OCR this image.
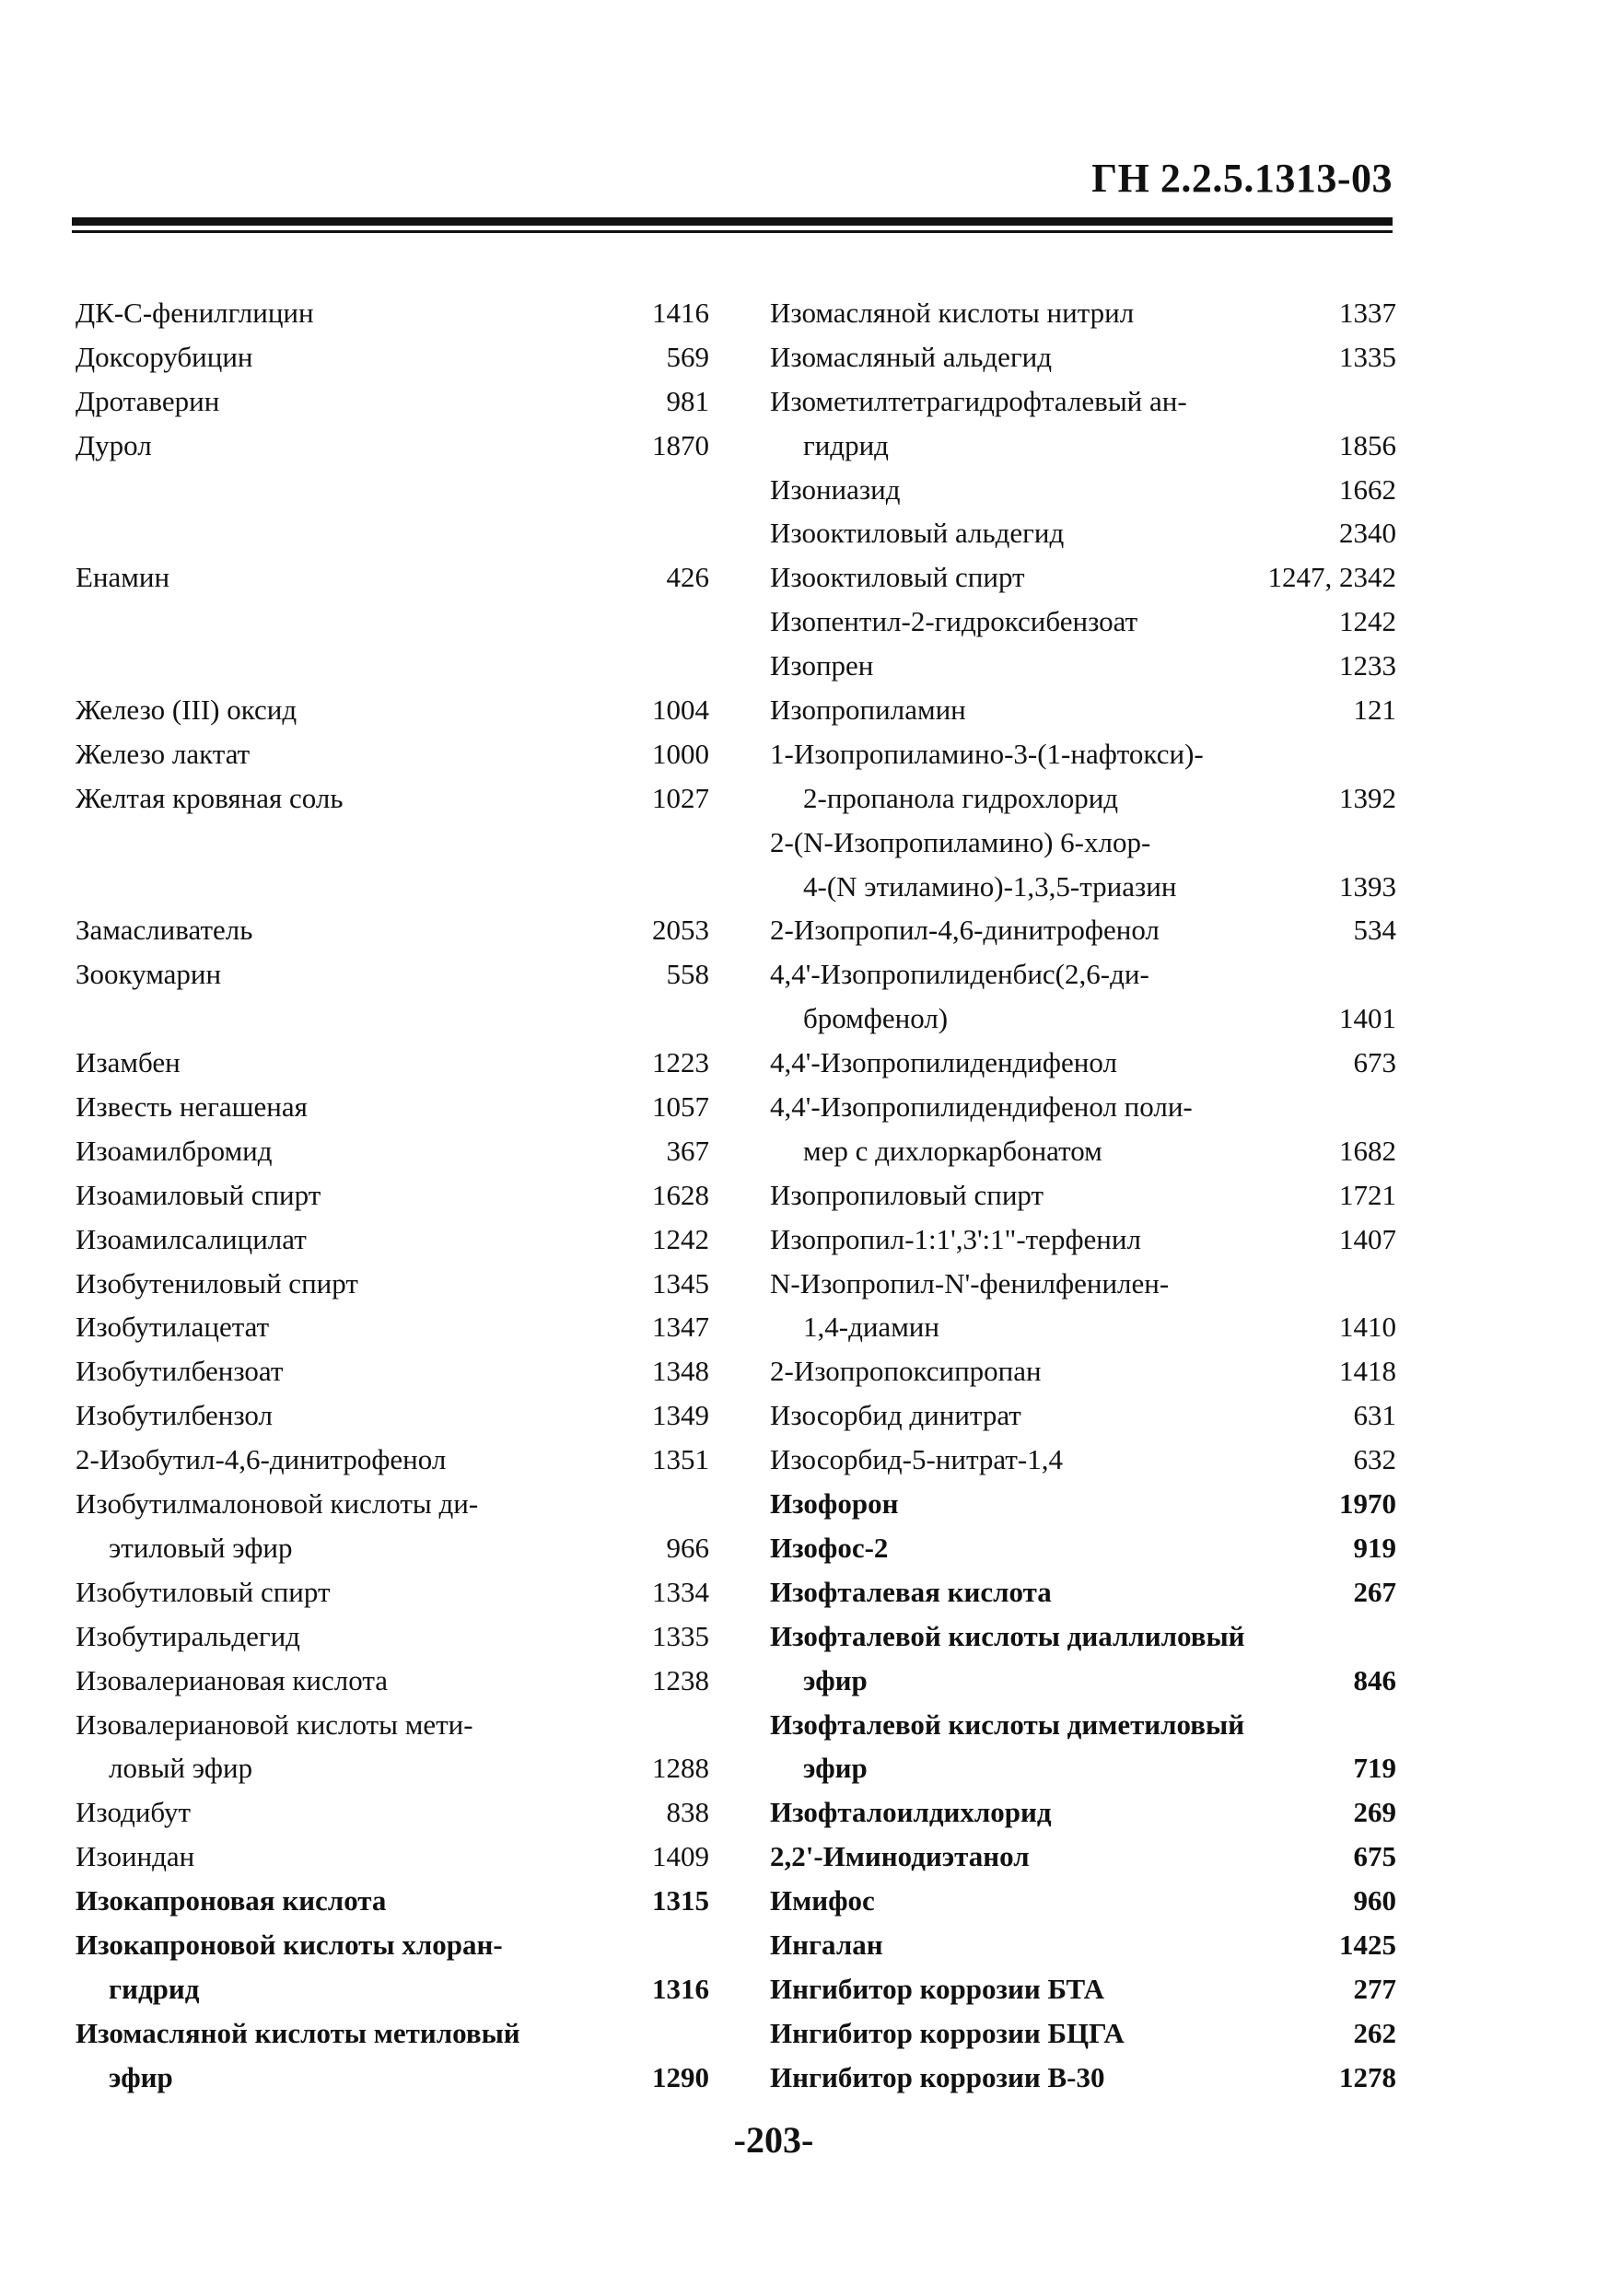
ГН 2.2.5.1313-03
ДК-С-фенилглицин	1416
Доксорубицин	569
Дротаверин	981
Дурол	1870
Енамин	426
Железо (III) оксид	1004
Железо лактат	1000
Желтая кровяная соль	1027
Замасливатель	2053
Зоокумарин	558
Изамбен	1223
Известь негашеная	1057
Изоамилбромид	367
Изоамиловый спирт	1628
Изоамилсалицилат	1242
Изобутениловый спирт	1345
Изобутилацетат	1347
Изобутилбензоат	1348
Изобутилбензол	1349
2-Изобутил-4,6-динитрофенол	1351
Изобутилмалоновой кислоты ди-
этиловый эфир	966
Изобутиловый спирт	1334
Изобутиральдегид	1335
Изовалериановая кислота	1238
Изовалериановой кислоты мети-
ловый эфир	1288
Изодибут	838
Изоиндан	1409
Изокапроновая кислота	1315
Изокапроновой кислоты хлоран-
гидрид	1316
Изомасляной кислоты метиловый
эфир	1290
Изомасляной кислоты нитрил	1337
Изомасляный альдегид	1335
Изометилтетрагидрофталевый ан-
гидрид	1856
Изониазид	1662
Изооктиловый альдегид	2340
Изооктиловый спирт	1247, 2342
Изопентил-2-гидроксибензоат	1242
Изопрен	1233
Изопропиламин	121
1-Изопропиламино-3-(1-нафтокси)-
2-пропанола гидрохлорид	1392
2-(N-Изопропиламино) 6-хлор-
4-(N этиламино)-1,3,5-триазин	1393
2-Изопропил-4,6-динитрофенол	534
4,4'-Изопропилиденбис(2,6-ди-
бромфенол)	1401
4,4'-Изопропилидендифенол	673
4,4'-Изопропилидендифенол поли-
мер с дихлоркарбонатом	1682
Изопропиловый спирт	1721
Изопропил-1:1',3':1"-терфенил	1407
N-Изопропил-N'-фенилфенилен-
1,4-диамин	1410
2-Изопропоксипропан	1418
Изосорбид динитрат	631
Изосорбид-5-нитрат-1,4	632
Изофорон	1970
Изофос-2	919
Изофталевая кислота	267
Изофталевой кислоты диаллиловый
эфир	846
Изофталевой кислоты диметиловый
эфир	719
Изофталоилдихлорид	269
2,2'-Иминодиэтанол	675
Имифос	960
Ингалан	1425
Ингибитор коррозии БТА	277
Ингибитор коррозии БЦГА	262
Ингибитор коррозии В-30	1278
-203-
